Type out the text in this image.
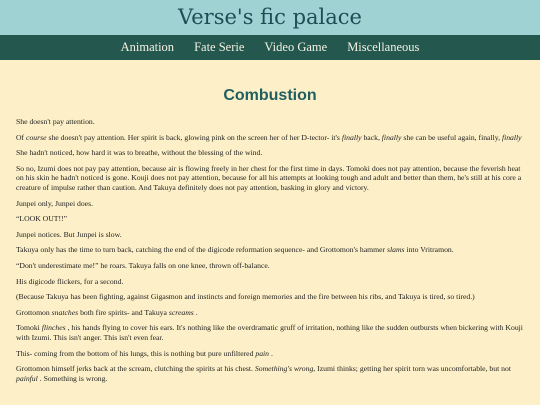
Verse's fic palace
Animation Fate Serie Video Game Miscellaneous
Combustion

She doesn't pay attention.

Of course she doesn't pay attention. Her spirit is back, glowing pink on the screen her of her D-tector- it's finally back, finally she can be useful again, finally, finally

She hadn't noticed, how hard it was to breathe, without the blessing of the wind.

So no, Izumi does not pay pay attention, because air is flowing freely in her chest for the first time in days. Tomoki does not pay attention, because the feverish heat on his skin he hadn't noticed is gone. Kouji does not pay attention, because for all his attempts at looking tough and adult and better than them, he's still at his core a creature of impulse rather than caution. And Takuya definitely does not pay attention, basking in glory and victory.

Junpei only, Junpei does.

“LOOK OUT!!”

Junpei notices. But Junpei is slow.

Takuya only has the time to turn back, catching the end of the digicode reformation sequence- and Grottomon's hammer slams into Vritramon.

“Don't underestimate me!” he roars. Takuya falls on one knee, thrown off-balance.

His digicode flickers, for a second.

(Because Takuya has been fighting, against Gigasmon and instincts and foreign memories and the fire between his ribs, and Takuya is tired, so tired.)

Grottomon snatches both fire spirits- and Takuya screams .

Tomoki flinches , his hands flying to cover his ears. It's nothing like the overdramatic gruff of irritation, nothing like the sudden outbursts when bickering with Kouji with Izumi. This isn't anger. This isn't even fear.

This- coming from the bottom of his lungs, this is nothing but pure unfiltered pain .

Grottomon himself jerks back at the scream, clutching the spirits at his chest. Something's wrong, Izumi thinks; getting her spirit torn was uncomfortable, but not painful . Something is wrong.
